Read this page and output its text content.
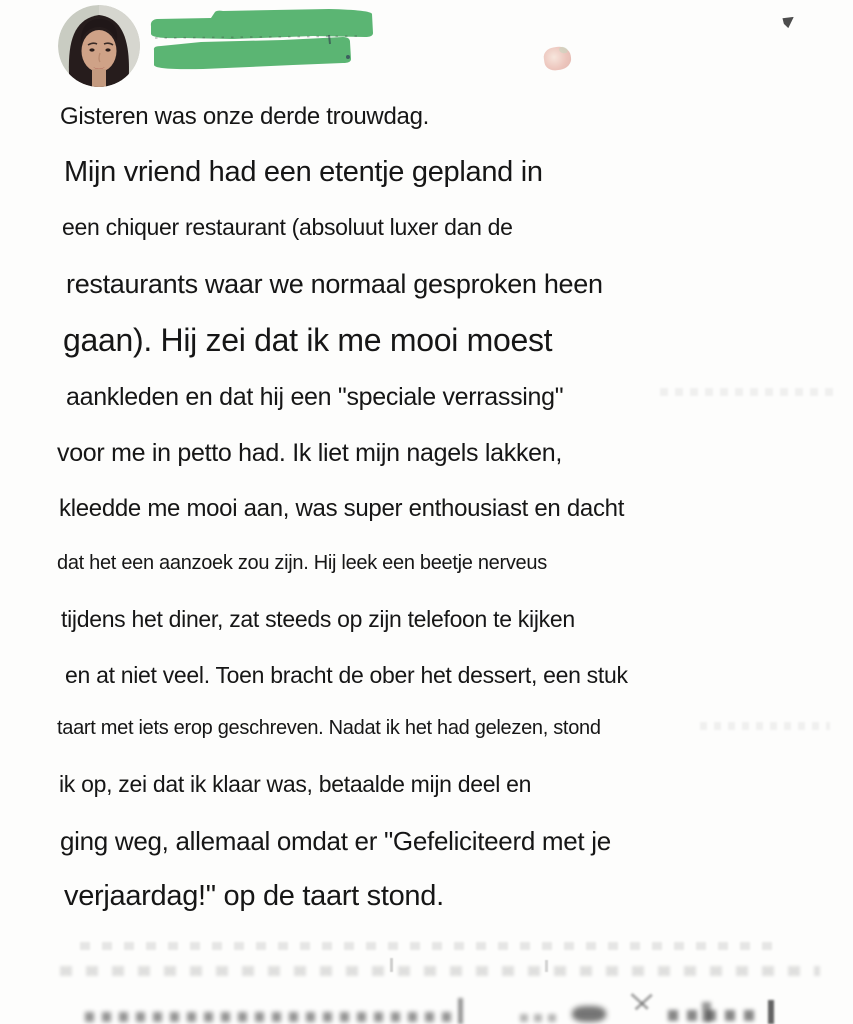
Gisteren was onze derde trouwdag.

Mijn vriend had een etentje gepland in

een chiquer restaurant (absoluut luxer dan de

restaurants waar we normaal gesproken heen

gaan). Hij zei dat ik me mooi moest

aankleden en dat hij een "speciale verrassing"

voor me in petto had. Ik liet mijn nagels lakken,

kleedde me mooi aan, was super enthousiast en dacht

dat het een aanzoek zou zijn. Hij leek een beetje nerveus

tijdens het diner, zat steeds op zijn telefoon te kijken

en at niet veel. Toen bracht de ober het dessert, een stuk

taart met iets erop geschreven. Nadat ik het had gelezen, stond

ik op, zei dat ik klaar was, betaalde mijn deel en

ging weg, allemaal omdat er "Gefeliciteerd met je

verjaardag!" op de taart stond.
